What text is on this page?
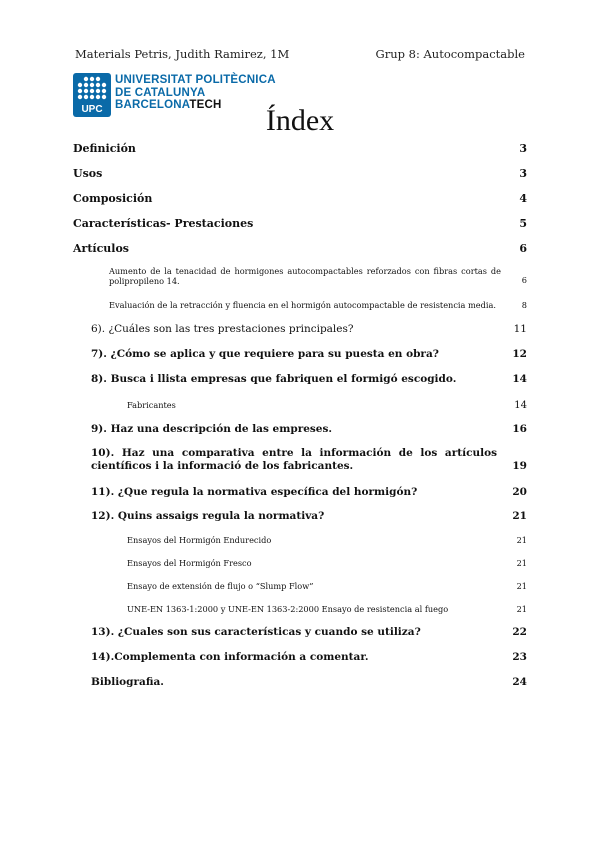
Materials Petris, Judith Ramirez, 1M	Grup 8: Autocompactable
UPC
UNIVERSITAT POLITÈCNICA
DE CATALUNYA
BARCELONATECH	Índex
Definición	3
Usos	3
Composición	4
Características- Prestaciones	5
Artículos	6
Aumento de la tenacidad de hormigones autocompactables reforzados con fibras cortas de polipropileno 14.	6
Evaluación de la retracción y fluencia en el hormigón autocompactable de resistencia media.	8
6). ¿Cuáles son las tres prestaciones principales?	11
7). ¿Cómo se aplica y que requiere para su puesta en obra?	12
8). Busca i llista empresas que fabriquen el formigó escogido.	14
Fabricantes	14
9). Haz una descripción de las empreses.	16
10). Haz una comparativa entre la información de los artículos científicos i la informació de los fabricantes.	19
11). ¿Que regula la normativa específica del hormigón?	20
12). Quins assaigs regula la normativa?	21
Ensayos del Hormigón Endurecido	21
Ensayos del Hormigón Fresco	21
Ensayo de extensión de flujo o “Slump Flow”	21
UNE-EN 1363-1:2000 y UNE-EN 1363-2:2000 Ensayo de resistencia al fuego	21
13). ¿Cuales son sus características y cuando se utiliza?	22
14).Complementa con información a comentar.	23
Bibliografia.	24
